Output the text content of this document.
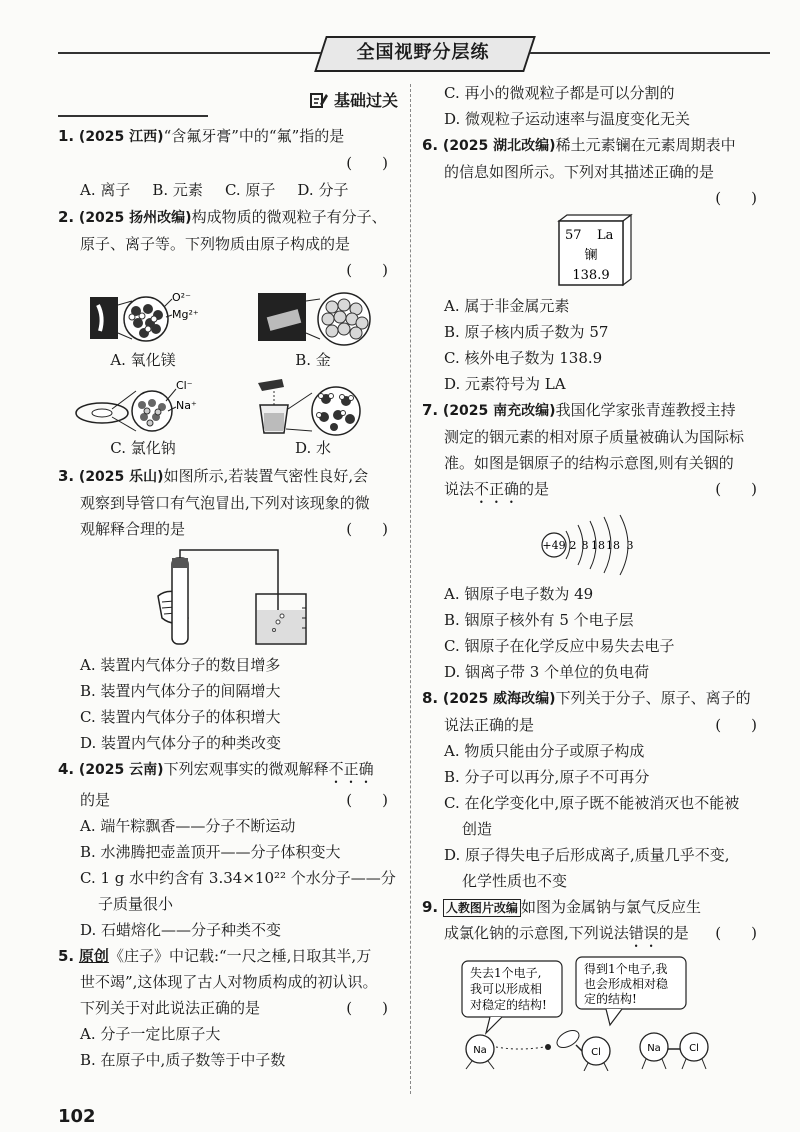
全国视野分层练
基础过关
1. (2025 江西)“含氟牙膏”中的“氟”指的是
(　　)
A. 离子 B. 元素 C. 原子 D. 分子
2. (2025 扬州改编)构成物质的微观粒子有分子、
原子、离子等。下列物质由原子构成的是
(　　)
O²⁻
Mg²⁺
A. 氧化镁	B. 金
Cl⁻
Na⁺
C. 氯化钠	D. 水
3. (2025 乐山)如图所示,若装置气密性良好,会
观察到导管口有气泡冒出,下列对该现象的微
观解释合理的是	(　　)
A. 装置内气体分子的数目增多
B. 装置内气体分子的间隔增大
C. 装置内气体分子的体积增大
D. 装置内气体分子的种类改变
4. (2025 云南)下列宏观事实的微观解释不正确
的是	(　　)
A. 端午粽飘香——分子不断运动
B. 水沸腾把壶盖顶开——分子体积变大
C. 1 g 水中约含有 3.34×10²² 个水分子——分
子质量很小
D. 石蜡熔化——分子种类不变
5. 原创《庄子》中记载:“一尺之棰,日取其半,万
世不竭”,这体现了古人对物质构成的初认识。
下列关于对此说法正确的是	(　　)
A. 分子一定比原子大
B. 在原子中,质子数等于中子数
C. 再小的微观粒子都是可以分割的
D. 微观粒子运动速率与温度变化无关
6. (2025 湖北改编)稀土元素镧在元素周期表中
的信息如图所示。下列对其描述正确的是
(　　)
57 La
镧
138.9
A. 属于非金属元素
B. 原子核内质子数为 57
C. 核外电子数为 138.9
D. 元素符号为 LA
7. (2025 南充改编)我国化学家张青莲教授主持
测定的铟元素的相对原子质量被确认为国际标
准。如图是铟原子的结构示意图,则有关铟的
说法不正确的是	(　　)
+49 2 8 18 18 3
A. 铟原子电子数为 49
B. 铟原子核外有 5 个电子层
C. 铟原子在化学反应中易失去电子
D. 铟离子带 3 个单位的负电荷
8. (2025 威海改编)下列关于分子、原子、离子的
说法正确的是	(　　)
A. 物质只能由分子或原子构成
B. 分子可以再分,原子不可再分
C. 在化学变化中,原子既不能被消灭也不能被
创造
D. 原子得失电子后形成离子,质量几乎不变,
化学性质也不变
9. 人教图片改编 如图为金属钠与氯气反应生
成氯化钠的示意图,下列说法错误的是 (　　)
失去1个电子,
我可以形成相
对稳定的结构!
得到1个电子,我
也会形成相对稳
定的结构!
Na	Cl	Na	Cl
102
